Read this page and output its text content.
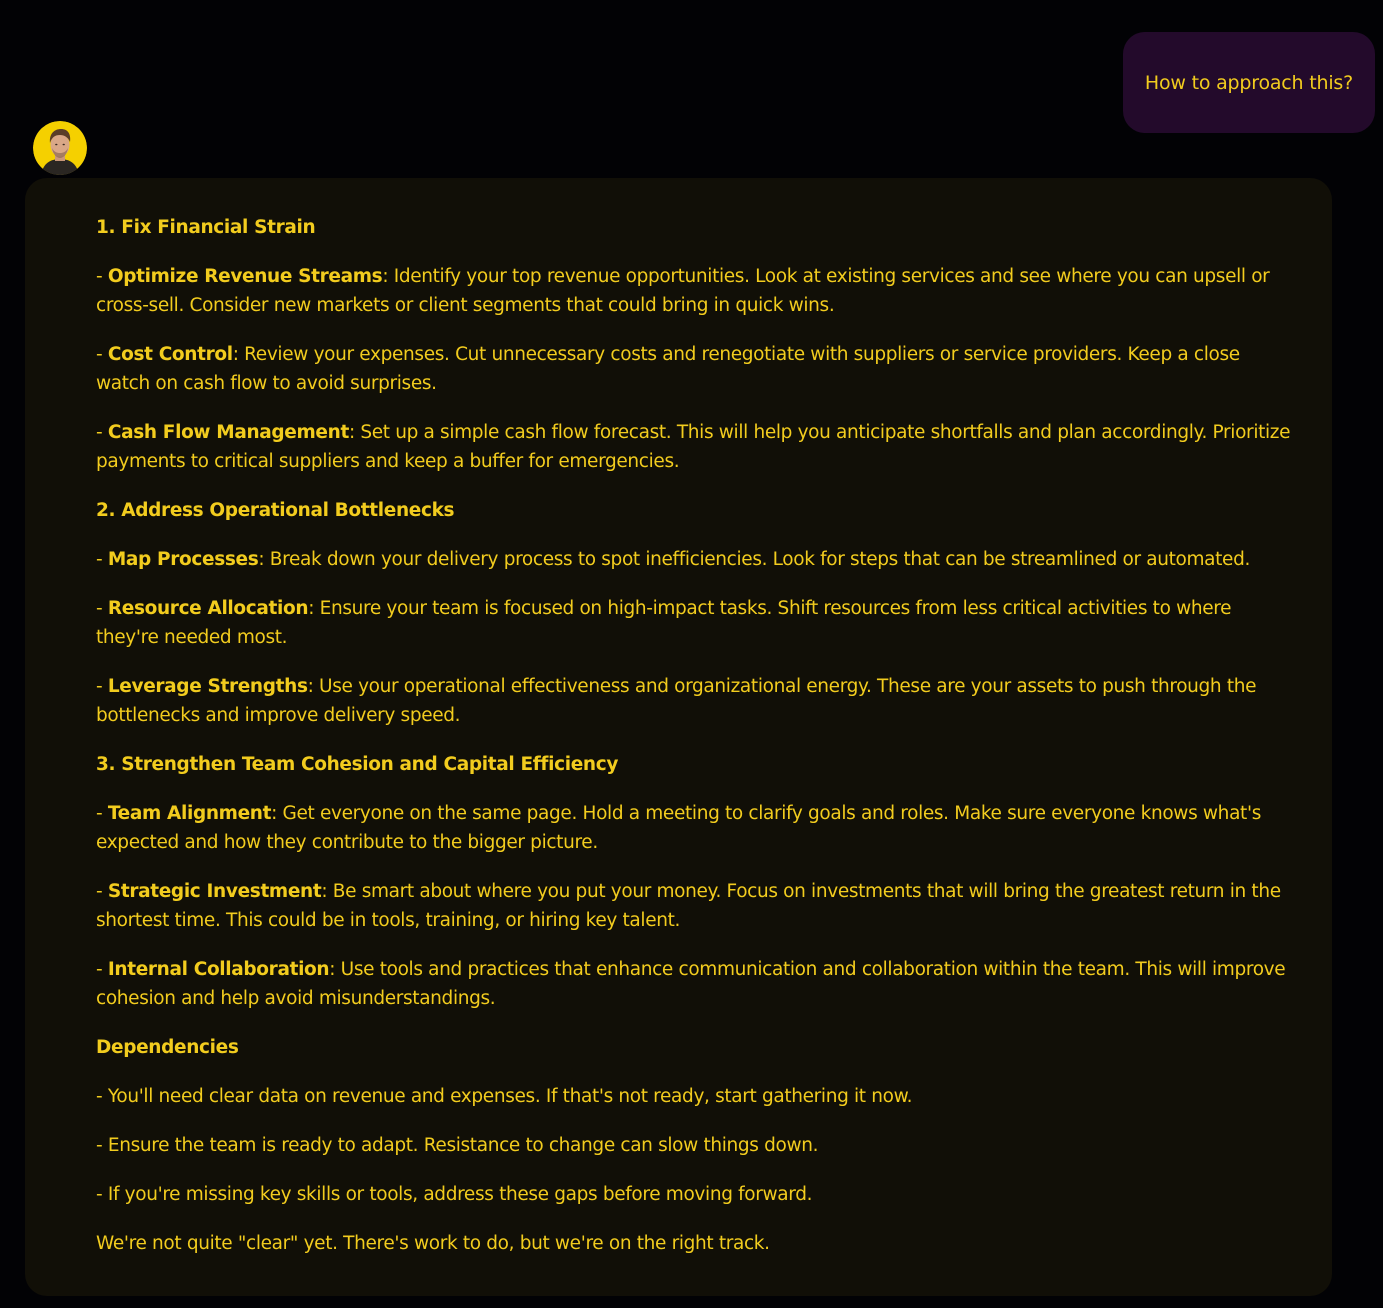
How to approach this?

1. Fix Financial Strain

- Optimize Revenue Streams: Identify your top revenue opportunities. Look at existing services and see where you can upsell or cross-sell. Consider new markets or client segments that could bring in quick wins.

- Cost Control: Review your expenses. Cut unnecessary costs and renegotiate with suppliers or service providers. Keep a close watch on cash flow to avoid surprises.

- Cash Flow Management: Set up a simple cash flow forecast. This will help you anticipate shortfalls and plan accordingly. Prioritize payments to critical suppliers and keep a buffer for emergencies.

2. Address Operational Bottlenecks

- Map Processes: Break down your delivery process to spot inefficiencies. Look for steps that can be streamlined or automated.

- Resource Allocation: Ensure your team is focused on high-impact tasks. Shift resources from less critical activities to where they're needed most.

- Leverage Strengths: Use your operational effectiveness and organizational energy. These are your assets to push through the bottlenecks and improve delivery speed.

3. Strengthen Team Cohesion and Capital Efficiency

- Team Alignment: Get everyone on the same page. Hold a meeting to clarify goals and roles. Make sure everyone knows what's expected and how they contribute to the bigger picture.

- Strategic Investment: Be smart about where you put your money. Focus on investments that will bring the greatest return in the shortest time. This could be in tools, training, or hiring key talent.

- Internal Collaboration: Use tools and practices that enhance communication and collaboration within the team. This will improve cohesion and help avoid misunderstandings.

Dependencies

- You'll need clear data on revenue and expenses. If that's not ready, start gathering it now.

- Ensure the team is ready to adapt. Resistance to change can slow things down.

- If you're missing key skills or tools, address these gaps before moving forward.

We're not quite "clear" yet. There's work to do, but we're on the right track.
